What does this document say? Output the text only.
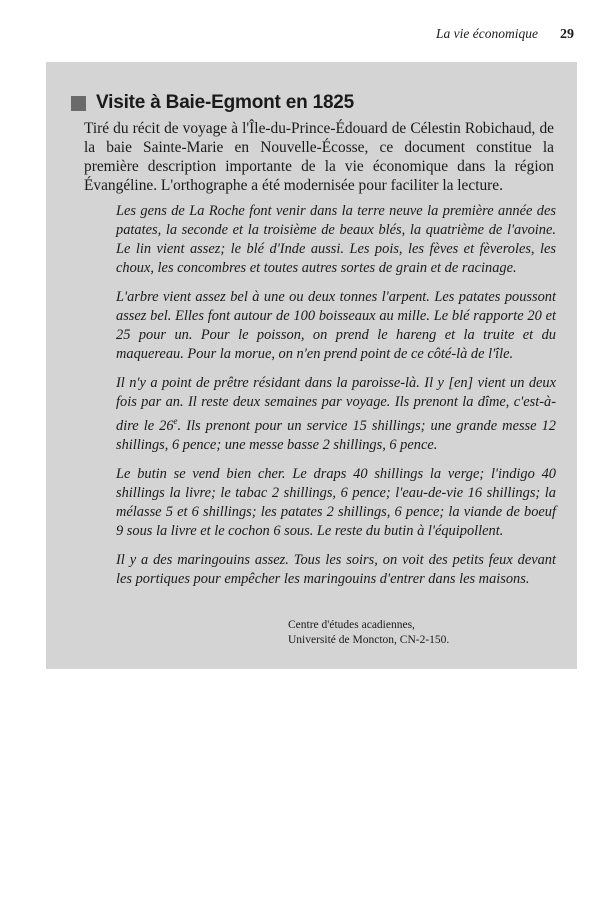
La vie économique 29
Visite à Baie-Egmont en 1825

Tiré du récit de voyage à l'Île-du-Prince-Édouard de Célestin Robichaud, de la baie Sainte-Marie en Nouvelle-Écosse, ce document constitue la première description importante de la vie économique dans la région Évangéline. L'orthographe a été modernisée pour faciliter la lecture.

Les gens de La Roche font venir dans la terre neuve la première année des patates, la seconde et la troisième de beaux blés, la quatrième de l'avoine. Le lin vient assez; le blé d'Inde aussi. Les pois, les fèves et fèveroles, les choux, les concombres et toutes autres sortes de grain et de racinage.

L'arbre vient assez bel à une ou deux tonnes l'arpent. Les patates poussont assez bel. Elles font autour de 100 boisseaux au mille. Le blé rapporte 20 et 25 pour un. Pour le poisson, on prend le hareng et la truite et du maquereau. Pour la morue, on n'en prend point de ce côté-là de l'île.

Il n'y a point de prêtre résidant dans la paroisse-là. Il y [en] vient un deux fois par an. Il reste deux semaines par voyage. Ils prenont la dîme, c'est-à-dire le 26e. Ils prenont pour un service 15 shillings; une grande messe 12 shillings, 6 pence; une messe basse 2 shillings, 6 pence.

Le butin se vend bien cher. Le draps 40 shillings la verge; l'indigo 40 shillings la livre; le tabac 2 shillings, 6 pence; l'eau-de-vie 16 shillings; la mélasse 5 et 6 shillings; les patates 2 shillings, 6 pence; la viande de boeuf 9 sous la livre et le cochon 6 sous. Le reste du butin à l'équipollent.

Il y a des maringouins assez. Tous les soirs, on voit des petits feux devant les portiques pour empêcher les maringouins d'entrer dans les maisons.

Centre d'études acadiennes,
Université de Moncton, CN-2-150.
